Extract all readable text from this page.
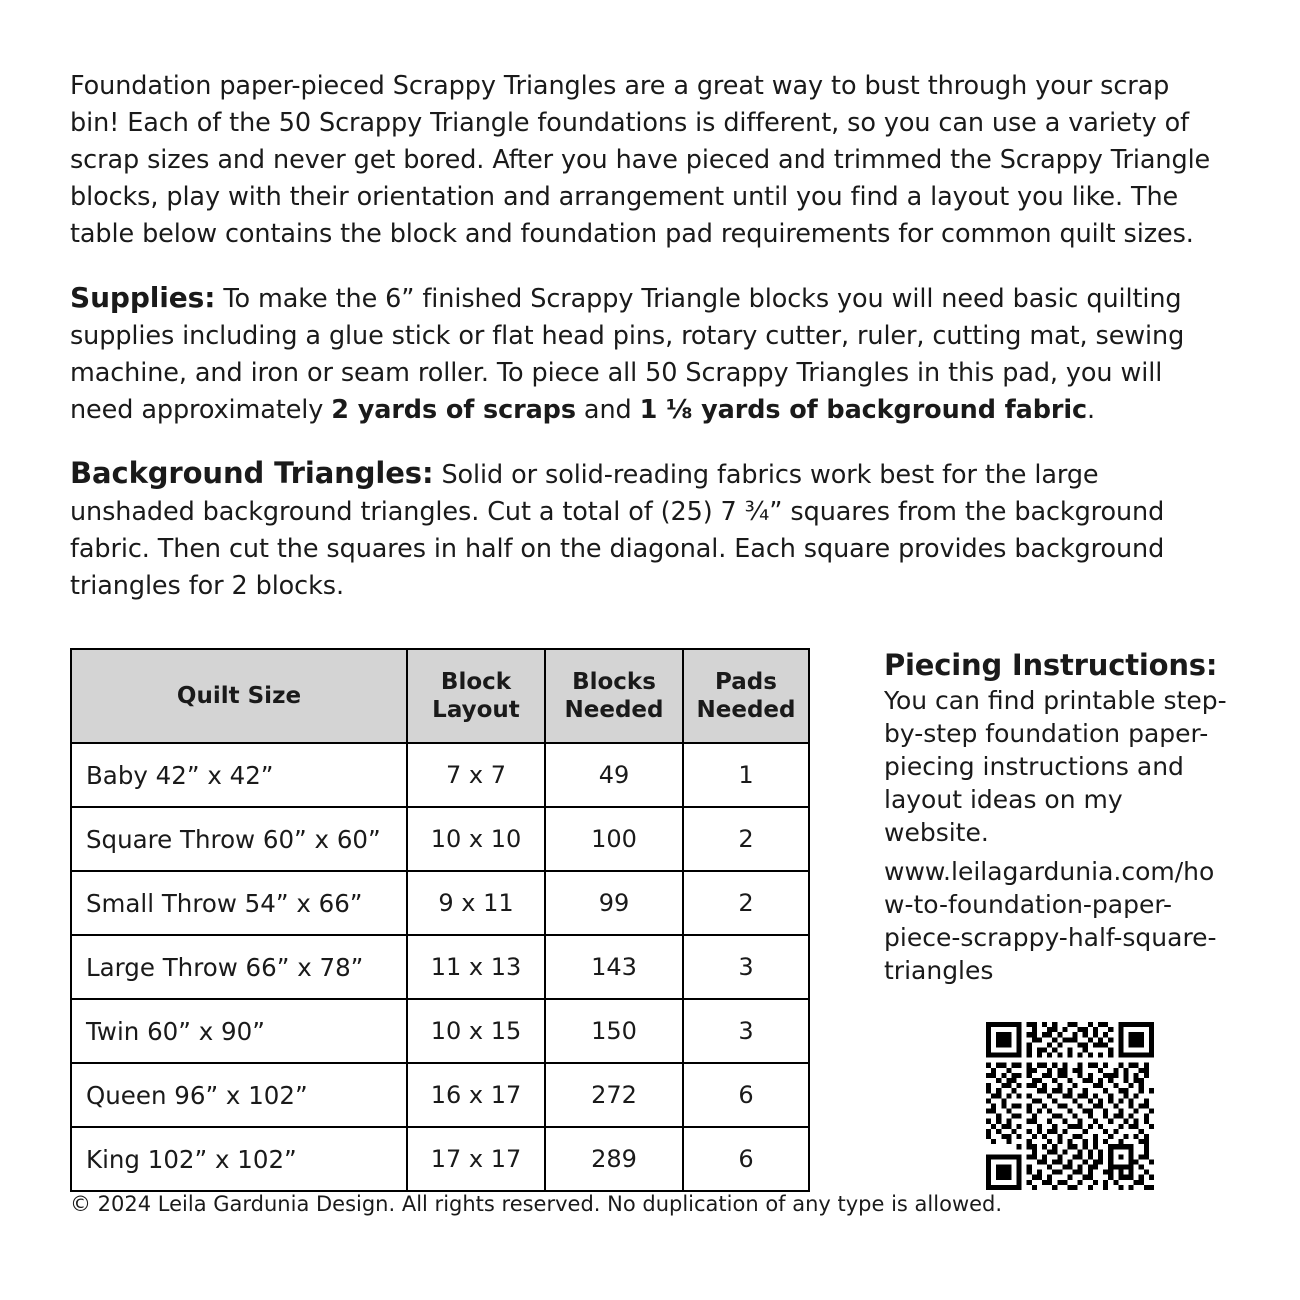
Foundation paper-pieced Scrappy Triangles are a great way to bust through your scrap bin! Each of the 50 Scrappy Triangle foundations is different, so you can use a variety of scrap sizes and never get bored. After you have pieced and trimmed the Scrappy Triangle blocks, play with their orientation and arrangement until you find a layout you like. The table below contains the block and foundation pad requirements for common quilt sizes.

Supplies: To make the 6” finished Scrappy Triangle blocks you will need basic quilting supplies including a glue stick or flat head pins, rotary cutter, ruler, cutting mat, sewing machine, and iron or seam roller. To piece all 50 Scrappy Triangles in this pad, you will need approximately 2 yards of scraps and 1 ⅛ yards of background fabric.

Background Triangles: Solid or solid-reading fabrics work best for the large unshaded background triangles. Cut a total of (25) 7 ¾” squares from the background fabric. Then cut the squares in half on the diagonal. Each square provides background triangles for 2 blocks.

Quilt Size	Block Layout	Blocks Needed	Pads Needed
Baby 42” x 42”	7 x 7	49	1
Square Throw 60” x 60”	10 x 10	100	2
Small Throw 54” x 66”	9 x 11	99	2
Large Throw 66” x 78”	11 x 13	143	3
Twin 60” x 90”	10 x 15	150	3
Queen 96” x 102”	16 x 17	272	6
King 102” x 102”	17 x 17	289	6
© 2024 Leila Gardunia Design. All rights reserved. No duplication of any type is allowed.
Piecing Instructions:

You can find printable step-by-step foundation paper-piecing instructions and layout ideas on my website.

www.leilagardunia.com/how-to-foundation-paper-piece-scrappy-half-square-triangles
